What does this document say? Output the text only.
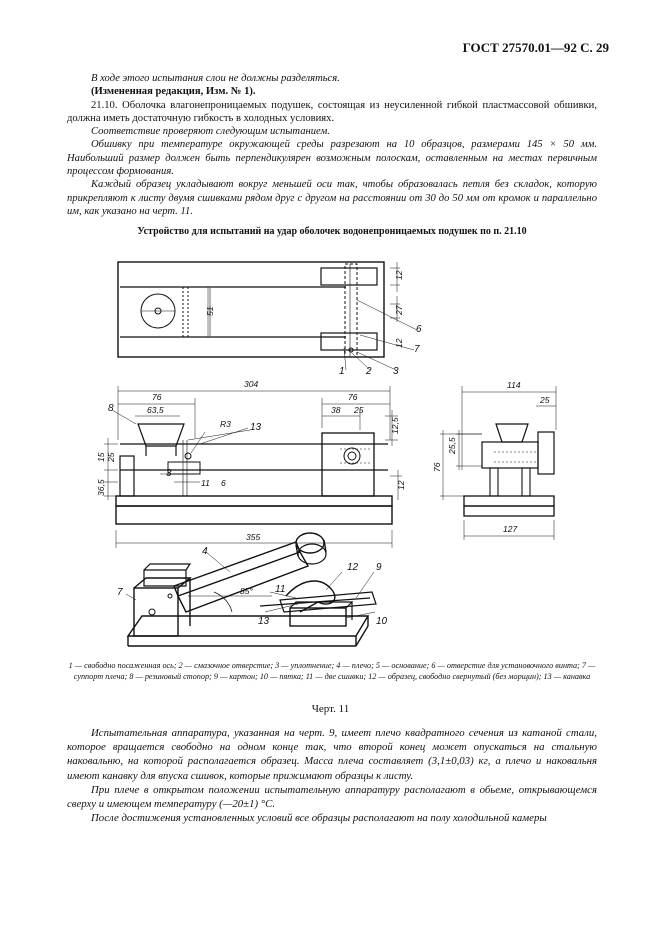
ГОСТ 27570.01—92 С. 29

В ходе этого испытания слои не должны разделяться.

(Измененная редакция, Изм. № 1).

21.10. Оболочка влагонепроницаемых подушек, состоящая из неусиленной гибкой пластмассовой обшивки, должна иметь достаточную гибкость в холодных условиях.

Соответствие проверяют следующим испытанием.

Обшивку при температуре окружающей среды разрезают на 10 образцов, размерами 145 × 50 мм. Наибольший размер должен быть перпендикулярен возможным полоскам, оставленным на местах первичным процессом формования.

Каждый образец укладывают вокруг меньшей оси так, чтобы образовалась петля без складок, которую прикрепляют к листу двумя сшивками рядом друг с другом на расстоянии от 30 до 50 мм от кромок и параллельно им, как указано на черт. 11.

Устройство для испытаний на удар оболочек водонепроницаемых подушек по п. 21.10
12
51	27
12
304
76
63,5
R3
76
38 25
12,5
15 25
36,5	11 6	12
355
114
25
25,5
76
127
85°
1 2 3
6
7
8
13
3
4
7
9
10
11
12
13
1 — свободно посаженная ось; 2 — смазочное отверстие; 3 — уплотнение; 4 — плечо; 5 — основание; 6 — отверстие для установочного винта; 7 — суппорт плеча; 8 — резиновый стопор; 9 — картон; 10 — пятка; 11 — две сшивки; 12 — образец, свободно свернутый (без морщин); 13 — канавка
Черт. 11

Испытательная аппаратура, указанная на черт. 9, имеет плечо квадратного сечения из катаной стали, которое вращается свободно на одном конце так, что второй конец может опускаться на стальную наковальню, на которой располагается образец. Масса плеча составляет (3,1±0,03) кг, а плечо и наковальня имеют канавку для впуска сшивок, которые прижимают образцы к листу.

При плече в открытом положении испытательную аппаратуру располагают в обьеме, открывающемся сверху и имеющем температуру (—20±1) °С.

После достижения установленных условий все образцы располагают на полу холодильной камеры
